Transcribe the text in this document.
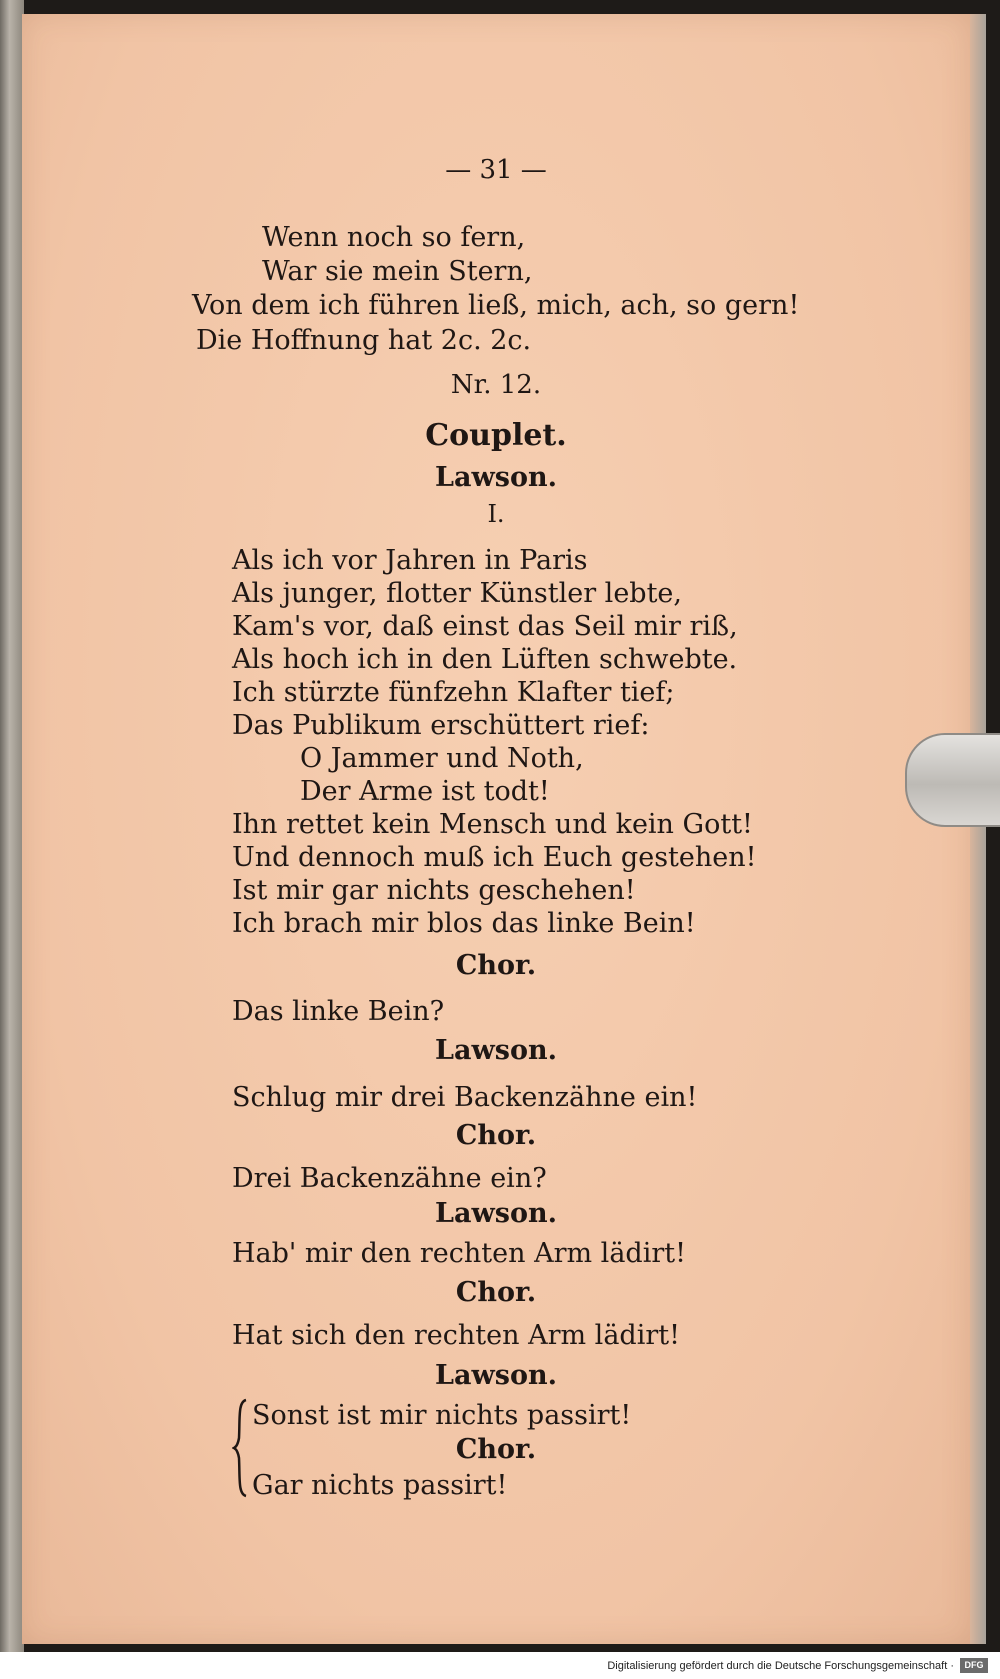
— 31 —
Wenn noch so fern,
War sie mein Stern,
Von dem ich führen ließ, mich, ach, so gern!
Die Hoffnung hat 2c. 2c.
Nr. 12.
Couplet.
Lawson.
I.
Als ich vor Jahren in Paris
Als junger, flotter Künstler lebte,
Kam's vor, daß einst das Seil mir riß,
Als hoch ich in den Lüften schwebte.
Ich stürzte fünfzehn Klafter tief;
Das Publikum erschüttert rief:
O Jammer und Noth,
Der Arme ist todt!
Ihn rettet kein Mensch und kein Gott!
Und dennoch muß ich Euch gestehen!
Ist mir gar nichts geschehen!
Ich brach mir blos das linke Bein!
Chor.
Das linke Bein?
Lawson.
Schlug mir drei Backenzähne ein!
Chor.
Drei Backenzähne ein?
Lawson.
Hab' mir den rechten Arm lädirt!
Chor.
Hat sich den rechten Arm lädirt!
Lawson.
Sonst ist mir nichts passirt!
Chor.
Gar nichts passirt!
Digitalisierung gefördert durch die Deutsche Forschungsgemeinschaft ·	DFG
